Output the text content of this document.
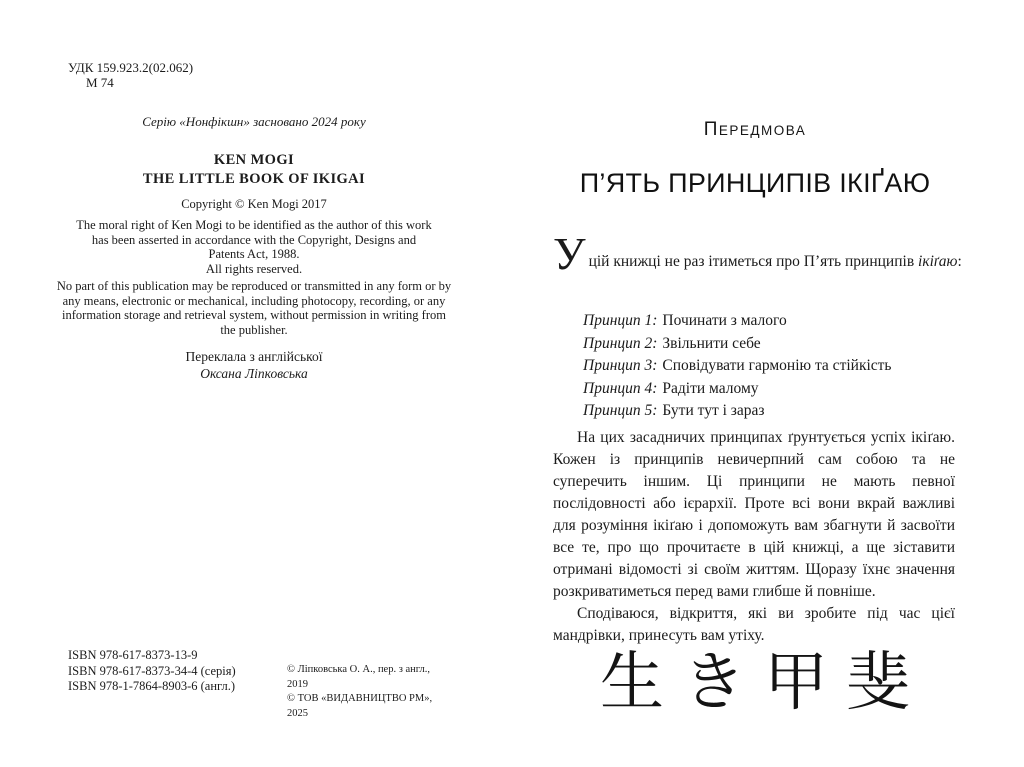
УДК 159.923.2(02.062)
М 74
Серію «Нонфікшн» засновано 2024 року
KEN MOGI
THE LITTLE BOOK OF IKIGAI
Copyright © Ken Mogi 2017
The moral right of Ken Mogi to be identified as the author of this work has been asserted in accordance with the Copyright, Designs and Patents Act, 1988.
All rights reserved.
No part of this publication may be reproduced or transmitted in any form or by any means, electronic or mechanical, including photocopy, recording, or any information storage and retrieval system, without permission in writing from the publisher.
Переклала з англійської
Оксана Ліпковська
ISBN 978-617-8373-13-9
ISBN 978-617-8373-34-4 (серія)
ISBN 978-1-7864-8903-6 (англ.)
© Ліпковська О. А., пер. з англ., 2019
© ТОВ «ВИДАВНИЦТВО РМ», 2025
ПЕРЕДМОВА
П’ЯТЬ ПРИНЦИПІВ ІКІҐАЮ

Уцій книжці не раз ітиметься про П’ять принципів ікіґаю:

Принцип 1: Починати з малого
Принцип 2: Звільнити себе
Принцип 3: Сповідувати гармонію та стійкість
Принцип 4: Радіти малому
Принцип 5: Бути тут і зараз

На цих засадничих принципах ґрунтується успіх ікіґаю. Кожен із принципів невичерпний сам собою та не суперечить іншим. Ці принципи не мають певної послідовності або ієрархії. Проте всі вони вкрай важливі для розуміння ікіґаю і допоможуть вам збагнути й засвоїти все те, про що прочитаєте в цій книжці, а ще зіставити отримані відомості зі своїм життям. Щоразу їхнє значення розкриватиметься перед вами глибше й повніше.

Сподіваюся, відкриття, які ви зробите під час цієї мандрівки, принесуть вам утіху.

生き甲斐
